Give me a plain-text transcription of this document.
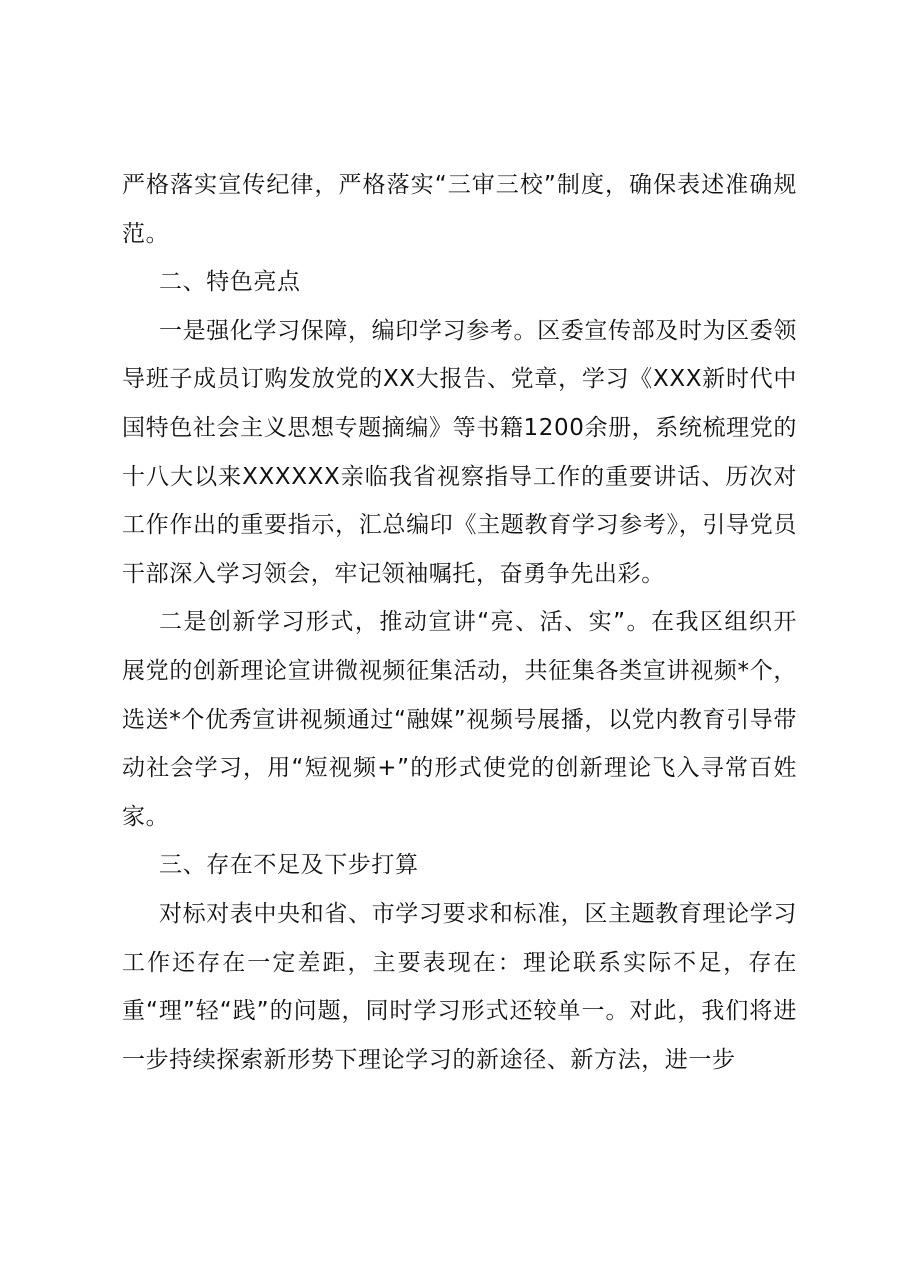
严格落实宣传纪律，严格落实“三审三校”制度，确保表述准确规范。

二、特色亮点

一是强化学习保障，编印学习参考。区委宣传部及时为区委领导班子成员订购发放党的XX大报告、党章，学习《XXX新时代中国特色社会主义思想专题摘编》等书籍1200余册，系统梳理党的十八大以来XXXXXX亲临我省视察指导工作的重要讲话、历次对工作作出的重要指示，汇总编印《主题教育学习参考》，引导党员干部深入学习领会，牢记领袖嘱托，奋勇争先出彩。

二是创新学习形式，推动宣讲“亮、活、实”。在我区组织开展党的创新理论宣讲微视频征集活动，共征集各类宣讲视频*个，选送*个优秀宣讲视频通过“融媒”视频号展播，以党内教育引导带动社会学习，用“短视频+”的形式使党的创新理论飞入寻常百姓家。

三、存在不足及下步打算

对标对表中央和省、市学习要求和标准，区主题教育理论学习工作还存在一定差距，主要表现在：理论联系实际不足，存在重“理”轻“践”的问题，同时学习形式还较单一。对此，我们将进一步持续探索新形势下理论学习的新途径、新方法，进一步
